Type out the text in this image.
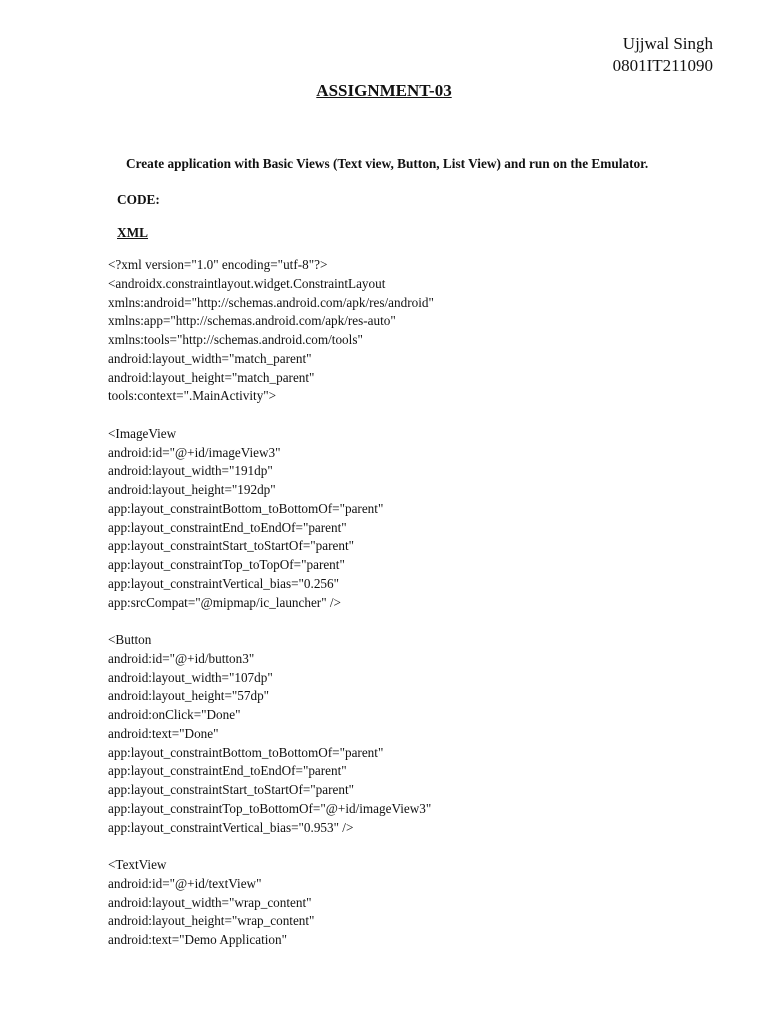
Ujjwal Singh
0801IT211090
ASSIGNMENT-03
Create application with Basic Views (Text view, Button, List View) and run on the Emulator.
CODE:
XML
<?xml version="1.0" encoding="utf-8"?>
<androidx.constraintlayout.widget.ConstraintLayout
xmlns:android="http://schemas.android.com/apk/res/android"
xmlns:app="http://schemas.android.com/apk/res-auto"
xmlns:tools="http://schemas.android.com/tools"
android:layout_width="match_parent"
android:layout_height="match_parent"
tools:context=".MainActivity">
<ImageView
android:id="@+id/imageView3"
android:layout_width="191dp"
android:layout_height="192dp"
app:layout_constraintBottom_toBottomOf="parent"
app:layout_constraintEnd_toEndOf="parent"
app:layout_constraintStart_toStartOf="parent"
app:layout_constraintTop_toTopOf="parent"
app:layout_constraintVertical_bias="0.256"
app:srcCompat="@mipmap/ic_launcher" />
<Button
android:id="@+id/button3"
android:layout_width="107dp"
android:layout_height="57dp"
android:onClick="Done"
android:text="Done"
app:layout_constraintBottom_toBottomOf="parent"
app:layout_constraintEnd_toEndOf="parent"
app:layout_constraintStart_toStartOf="parent"
app:layout_constraintTop_toBottomOf="@+id/imageView3"
app:layout_constraintVertical_bias="0.953" />
<TextView
android:id="@+id/textView"
android:layout_width="wrap_content"
android:layout_height="wrap_content"
android:text="Demo Application"
